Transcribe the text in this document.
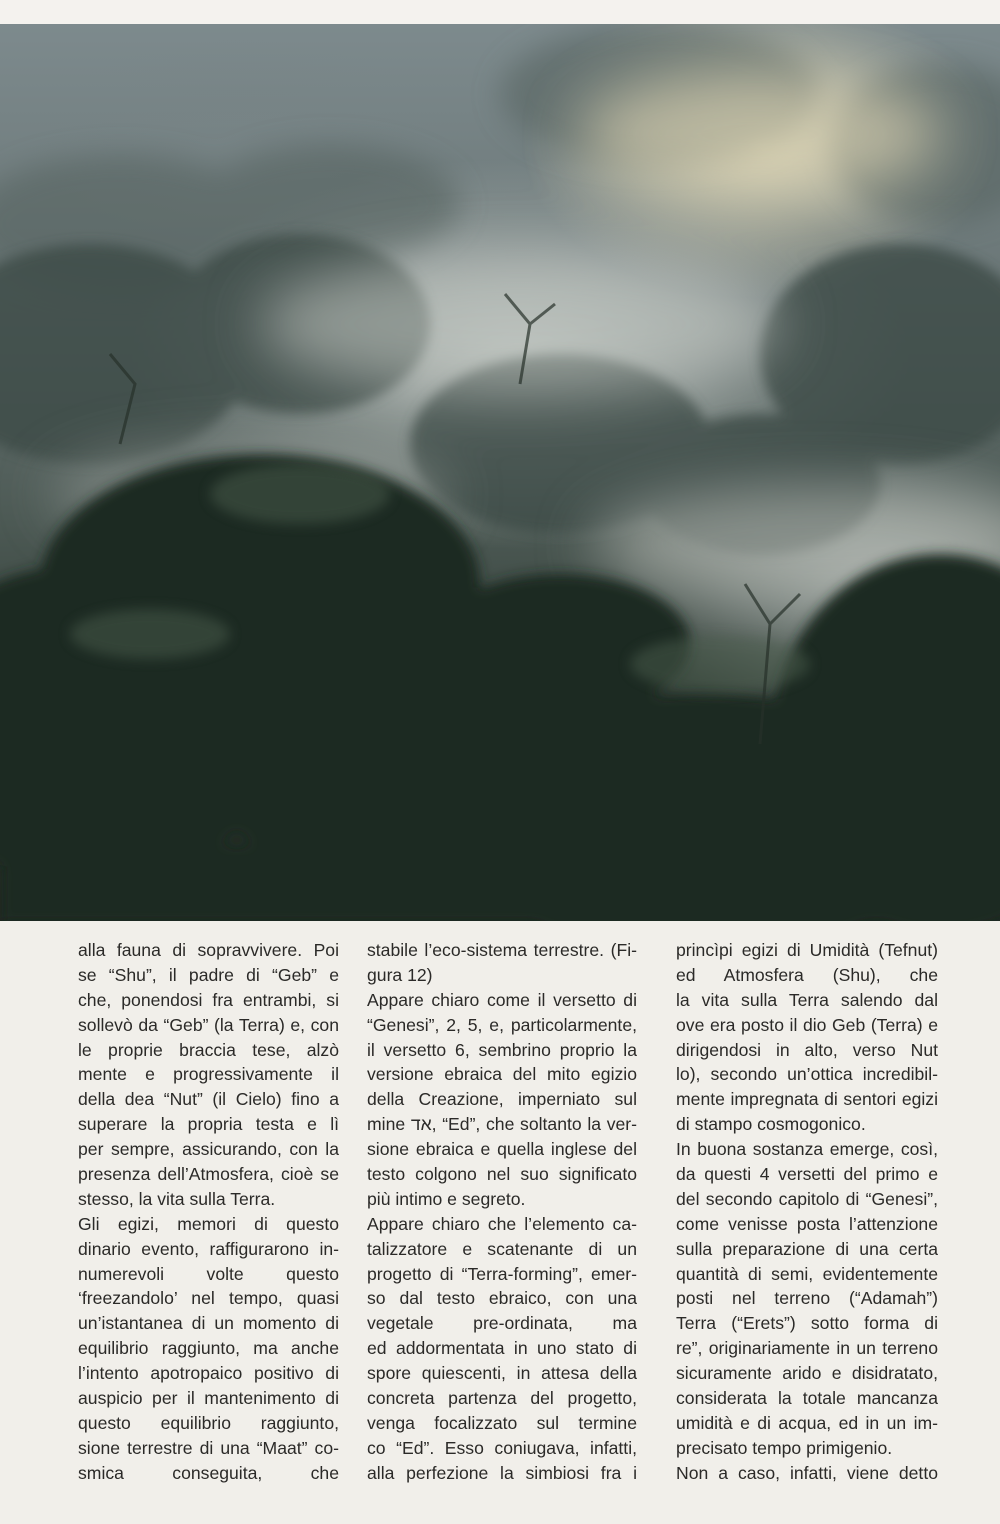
alla fauna di sopravvivere. Poi
se “Shu”, il padre di “Geb” e
che, ponendosi fra entrambi, si
sollevò da “Geb” (la Terra) e, con
le proprie braccia tese, alzò
mente e progressivamente il
della dea “Nut” (il Cielo) fino a
superare la propria testa e lì
per sempre, assicurando, con la
presenza dell’Atmosfera, cioè se
stesso, la vita sulla Terra.
Gli egizi, memori di questo
dinario evento, raffigurarono in-
numerevoli volte questo
‘freezandolo’ nel tempo, quasi
un’istantanea di un momento di
equilibrio raggiunto, ma anche
l’intento apotropaico positivo di
auspicio per il mantenimento di
questo equilibrio raggiunto,
sione terrestre di una “Maat” co-
smica conseguita, che
stabile l’eco-sistema terrestre. (Fi-
gura 12)
Appare chiaro come il versetto di
“Genesi”, 2, 5, e, particolarmente,
il versetto 6, sembrino proprio la
versione ebraica del mito egizio
della Creazione, imperniato sul
mine אד, “Ed”, che soltanto la ver-
sione ebraica e quella inglese del
testo colgono nel suo significato
più intimo e segreto.
Appare chiaro che l’elemento ca-
talizzatore e scatenante di un
progetto di “Terra-forming”, emer-
so dal testo ebraico, con una
vegetale pre-ordinata, ma
ed addormentata in uno stato di
spore quiescenti, in attesa della
concreta partenza del progetto,
venga focalizzato sul termine
co “Ed”. Esso coniugava, infatti,
alla perfezione la simbiosi fra i
princìpi egizi di Umidità (Tefnut)
ed Atmosfera (Shu), che
la vita sulla Terra salendo dal
ove era posto il dio Geb (Terra) e
dirigendosi in alto, verso Nut
lo), secondo un’ottica incredibil-
mente impregnata di sentori egizi
di stampo cosmogonico.
In buona sostanza emerge, così,
da questi 4 versetti del primo e
del secondo capitolo di “Genesi”,
come venisse posta l’attenzione
sulla preparazione di una certa
quantità di semi, evidentemente
posti nel terreno (“Adamah”)
Terra (“Erets”) sotto forma di
re”, originariamente in un terreno
sicuramente arido e disidratato,
considerata la totale mancanza
umidità e di acqua, ed in un im-
precisato tempo primigenio.
Non a caso, infatti, viene detto
